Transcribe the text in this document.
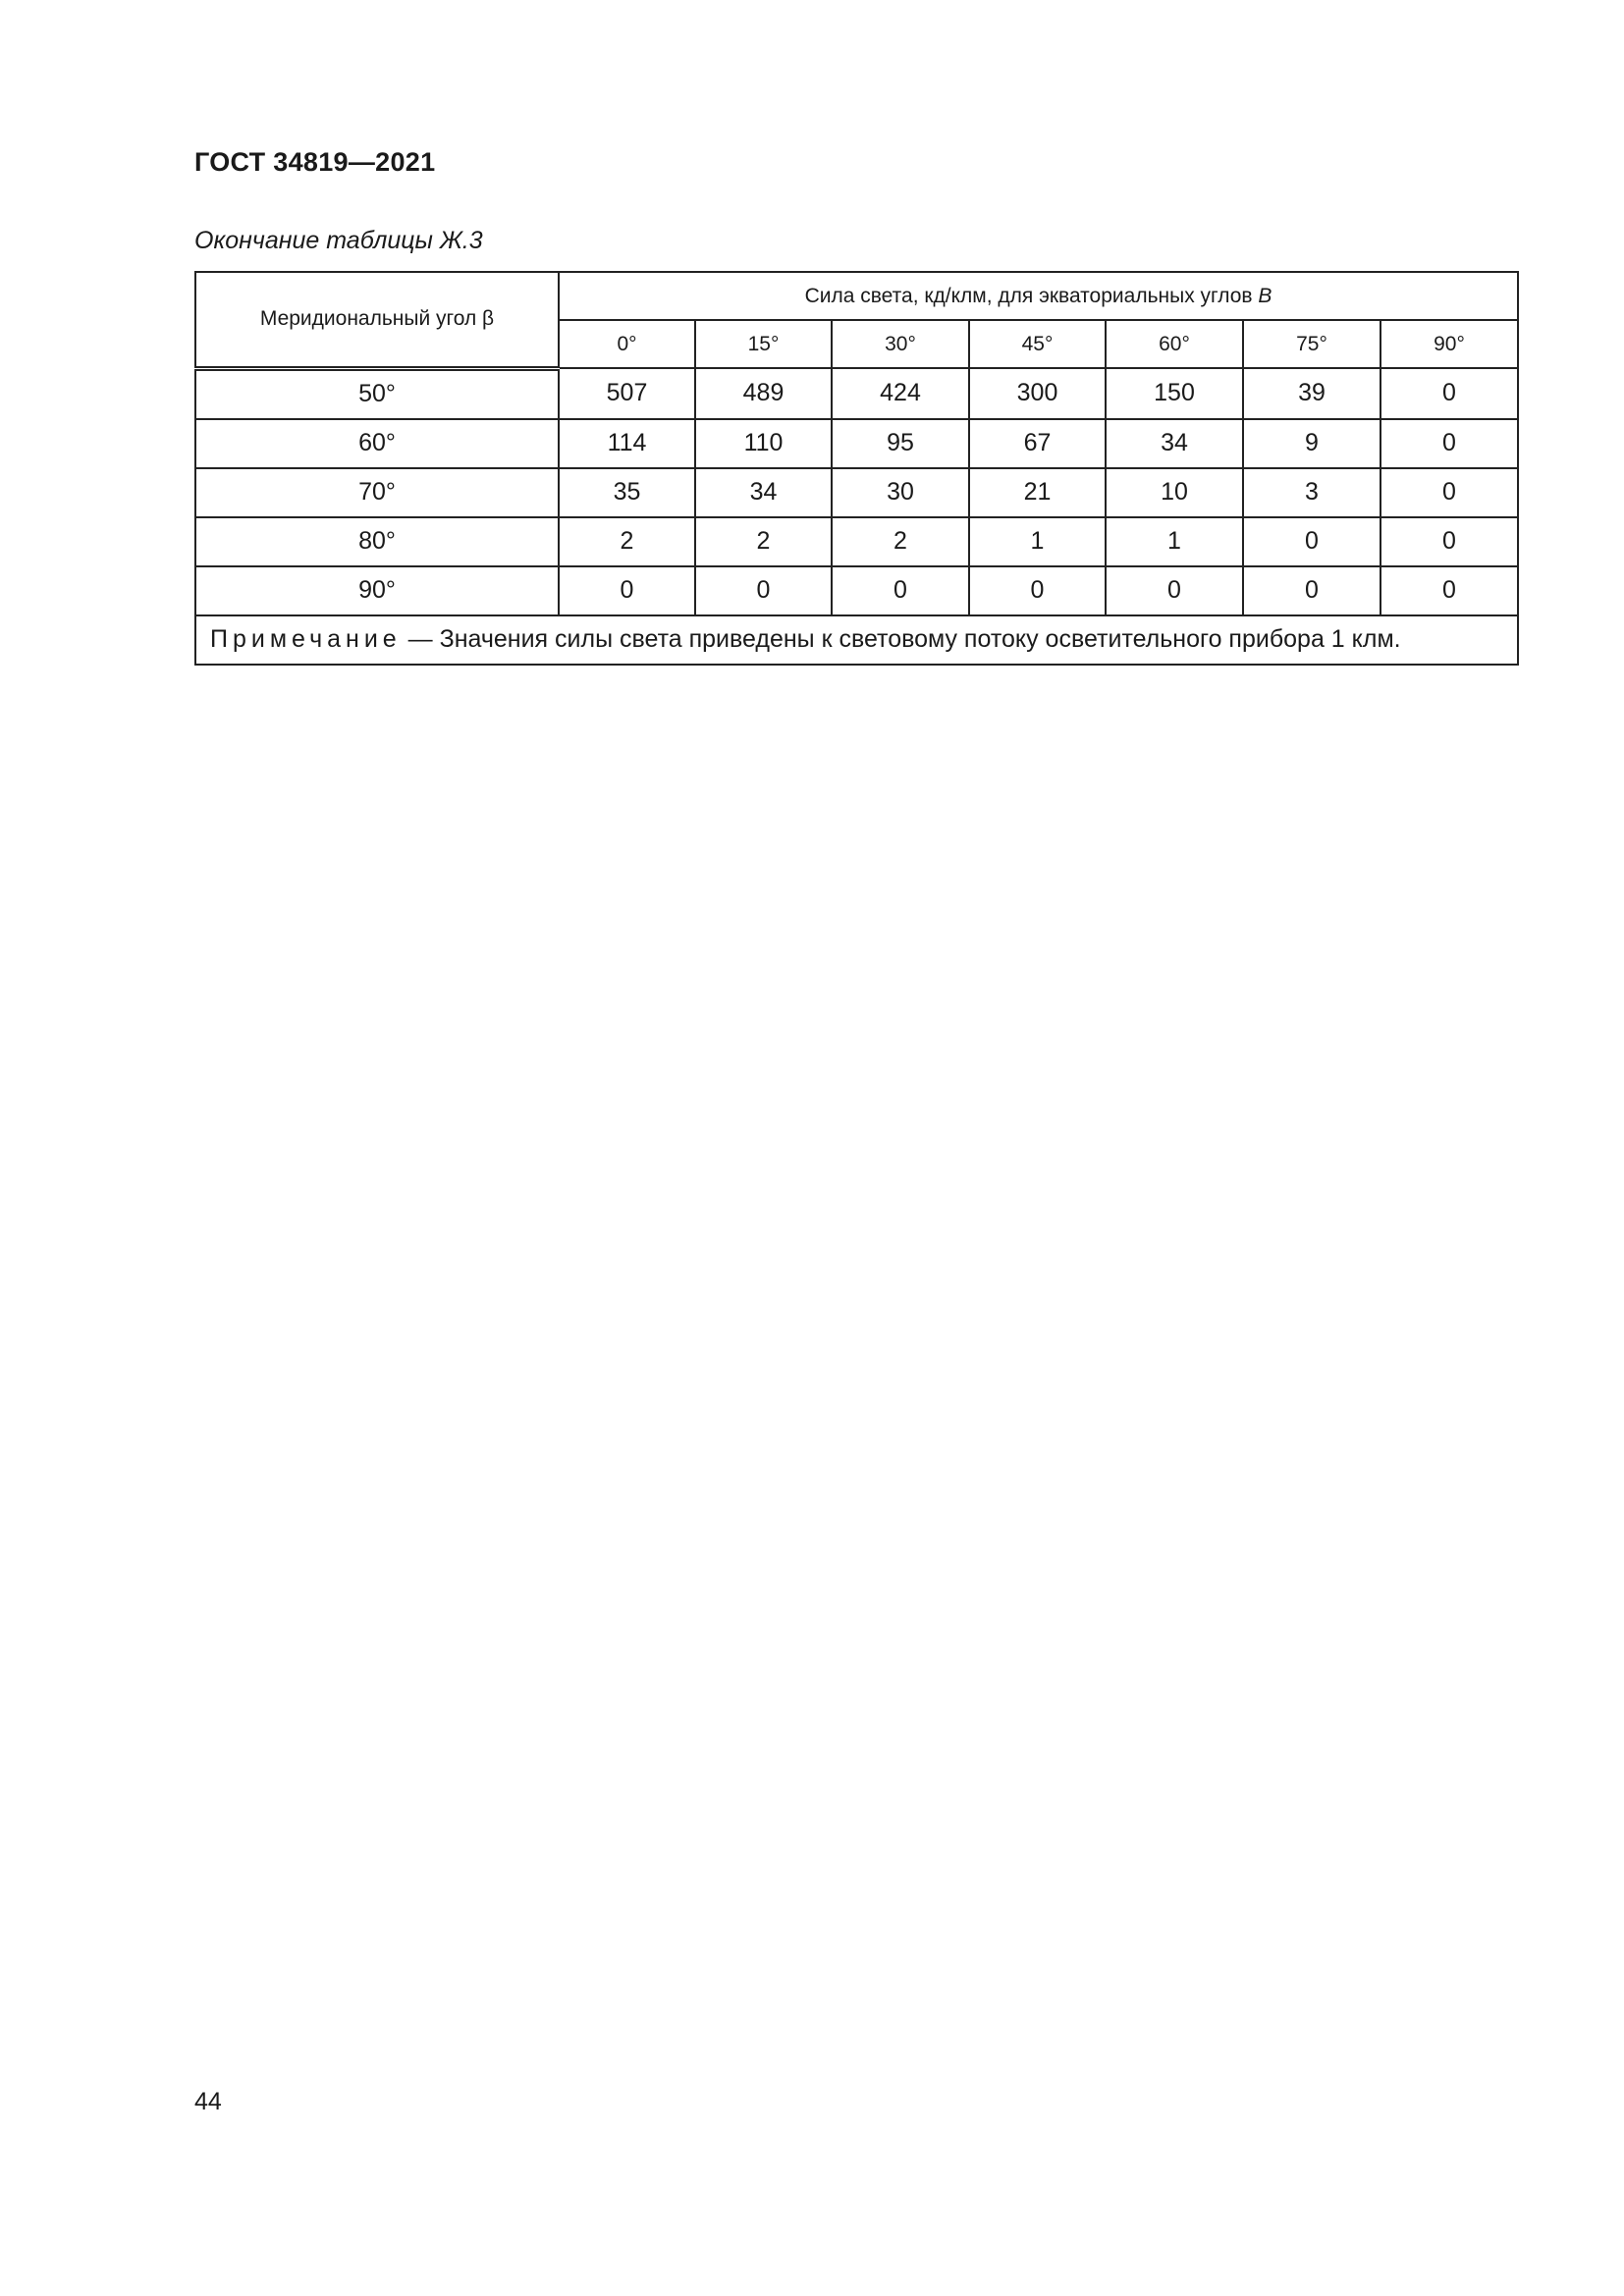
ГОСТ 34819—2021
Окончание таблицы Ж.3
Меридиональный угол β	Сила света, кд/клм, для экваториальных углов B						
	0°	15°	30°	45°	60°	75°	90°
50°	507	489	424	300	150	39	0
60°	114	110	95	67	34	9	0
70°	35	34	30	21	10	3	0
80°	2	2	2	1	1	0	0
90°	0	0	0	0	0	0	0
Примечание — Значения силы света приведены к световому потоку осветительного прибора 1 клм.							
44
